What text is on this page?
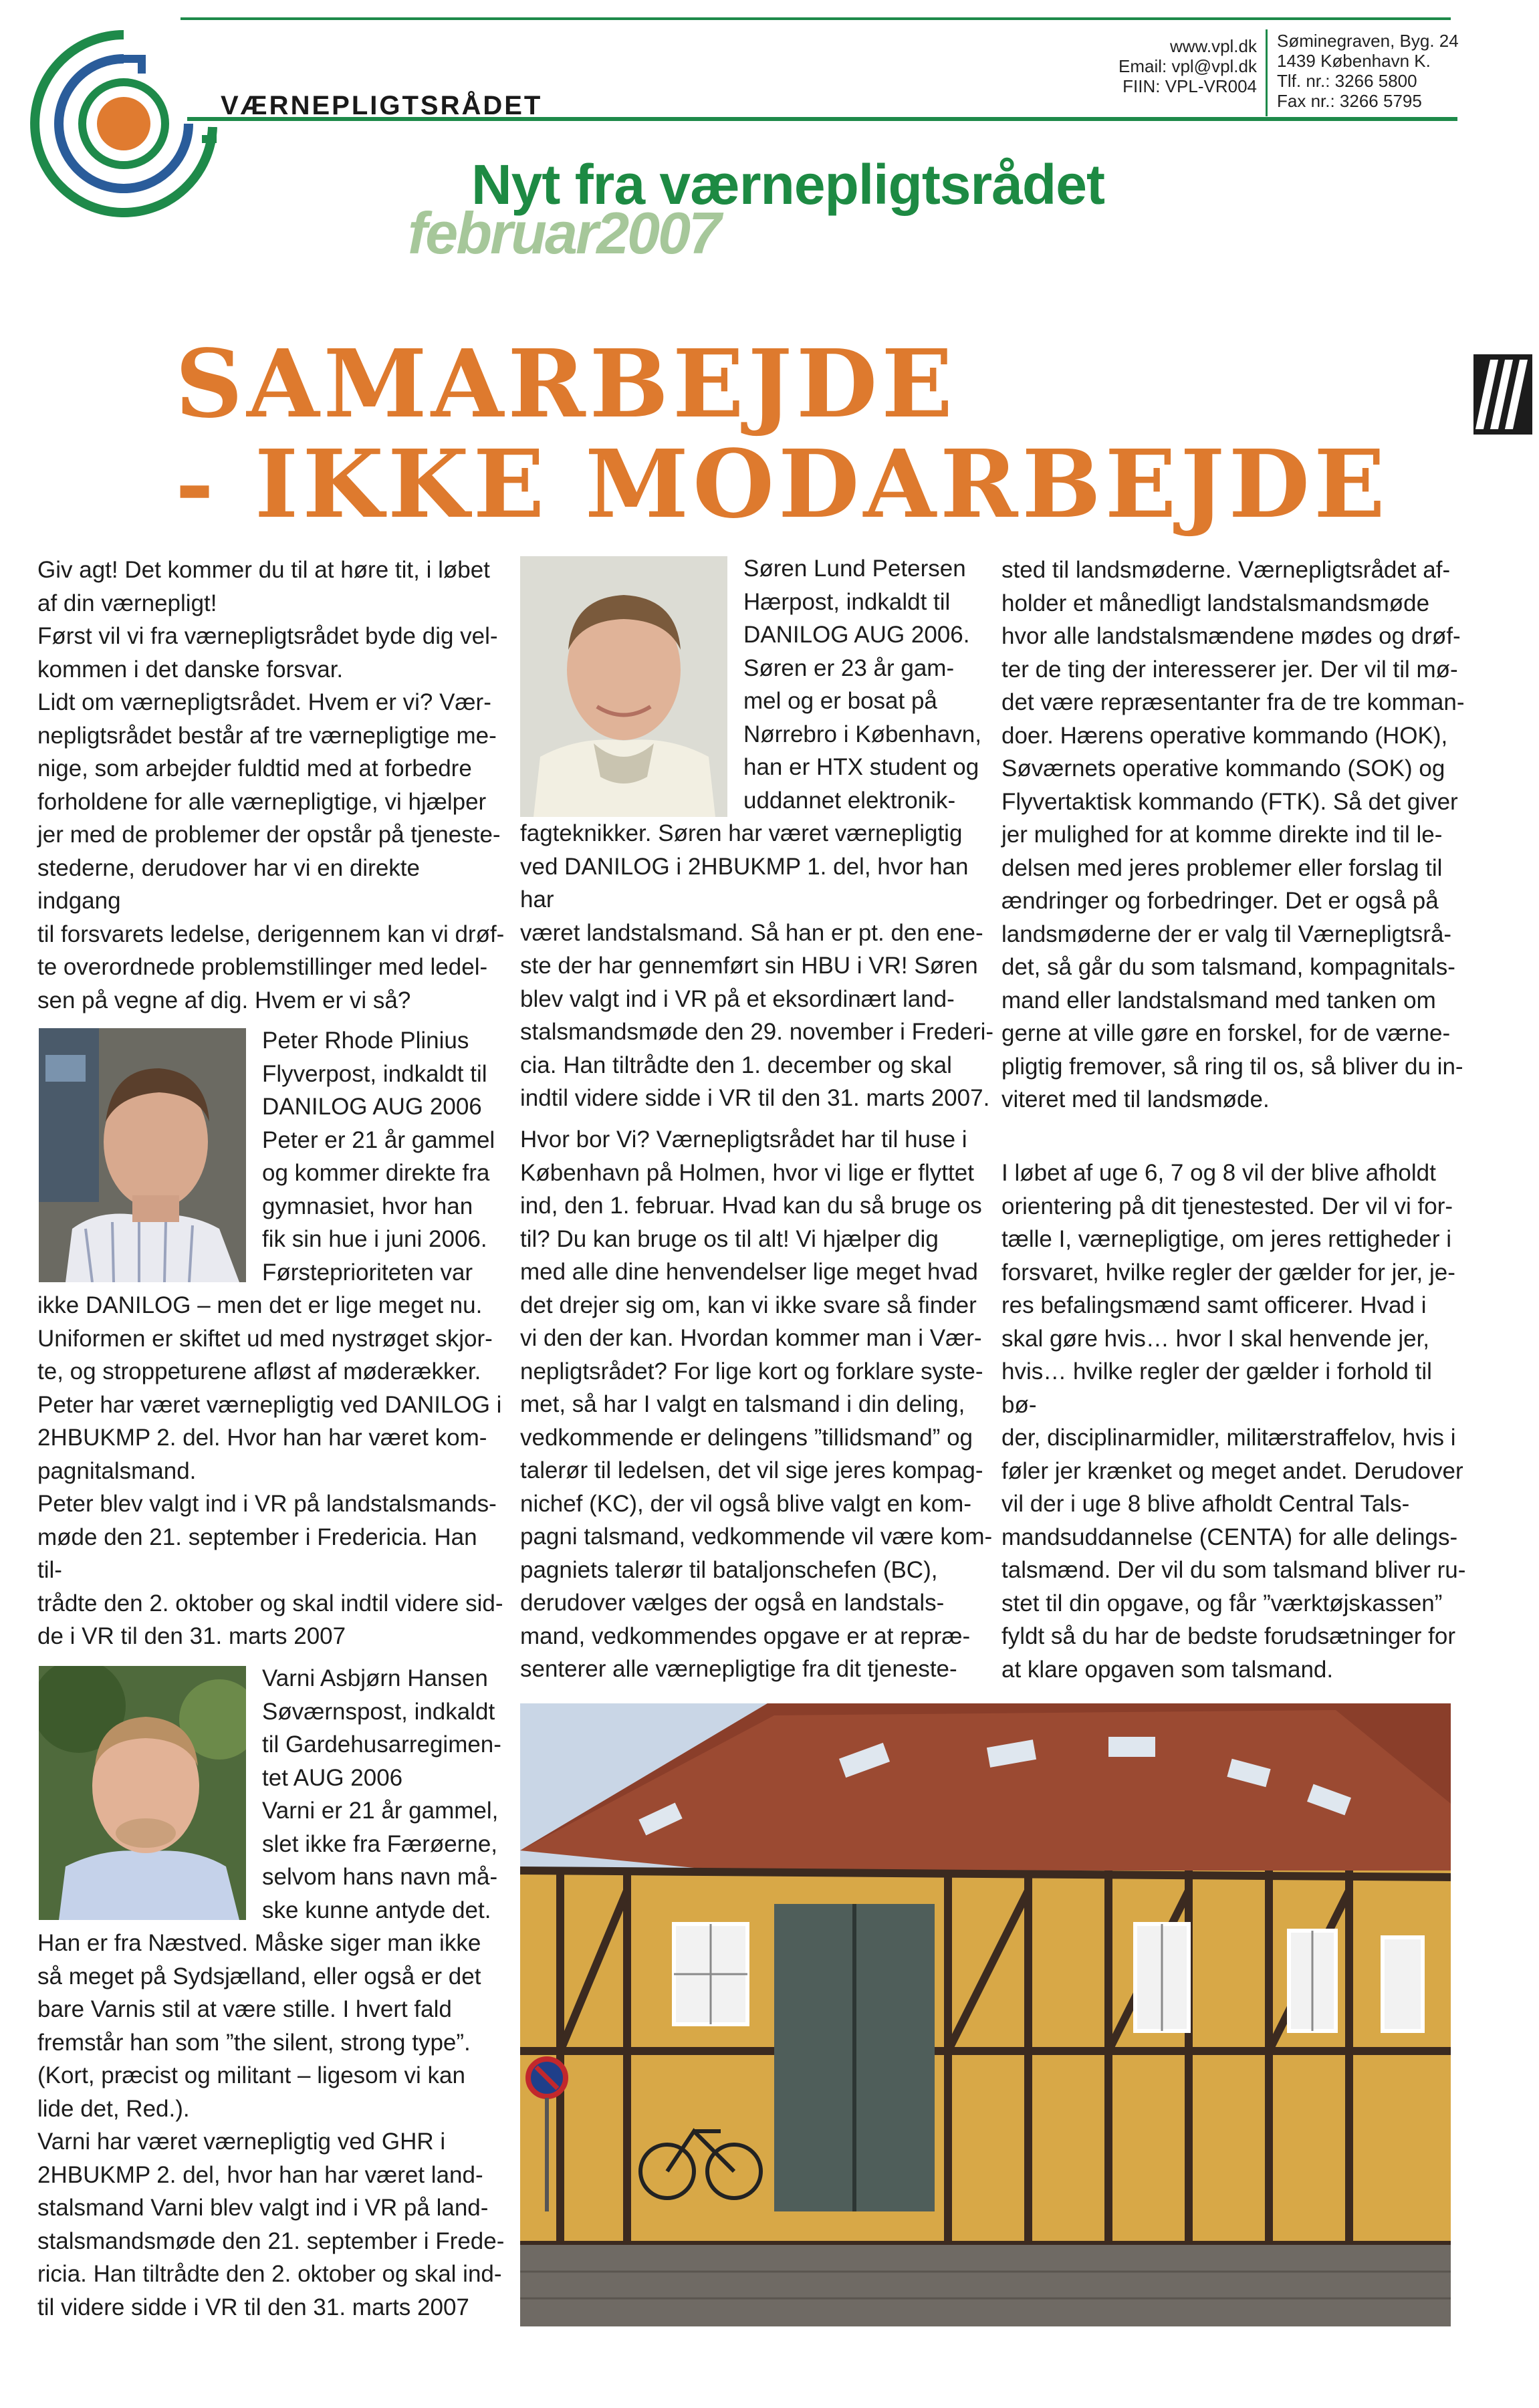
VÆRNEPLIGTSRÅDET
www.vpl.dk
Email: vpl@vpl.dk
FIIN: VPL-VR004
Søminegraven, Byg. 24
1439 København K.
Tlf. nr.: 3266 5800
Fax nr.: 3266 5795
februar2007
Nyt fra værnepligtsrådet
SAMARBEJDE
- IKKE MODARBEJDE

Giv agt! Det kommer du til at høre tit, i løbet

af din værnepligt!

Først vil vi fra værnepligtsrådet byde dig vel-

kommen i det danske forsvar.

Lidt om værnepligtsrådet. Hvem er vi? Vær-

nepligtsrådet består af tre værnepligtige me-

nige, som arbejder fuldtid med at forbedre

forholdene for alle værnepligtige, vi hjælper

jer med de problemer der opstår på tjeneste-

stederne, derudover har vi en direkte indgang

til forsvarets ledelse, derigennem kan vi drøf-

te overordnede problemstillinger med ledel-

sen på vegne af dig. Hvem er vi så?

Peter Rhode Plinius

Flyverpost, indkaldt til

DANILOG AUG 2006

Peter er 21 år gammel

og kommer direkte fra

gymnasiet, hvor han

fik sin hue i juni 2006.

Førsteprioriteten var

ikke DANILOG – men det er lige meget nu.

Uniformen er skiftet ud med nystrøget skjor-

te, og stroppeturene afløst af møderækker.

Peter har været værnepligtig ved DANILOG i

2HBUKMP 2. del. Hvor han har været kom-

pagnitalsmand.

Peter blev valgt ind i VR på landstalsmands-

møde den 21. september i Fredericia. Han til-

trådte den 2. oktober og skal indtil videre sid-

de i VR til den 31. marts 2007

Varni Asbjørn Hansen

Søværnspost, indkaldt

til Gardehusarregimen-

tet AUG 2006

Varni er 21 år gammel,

slet ikke fra Færøerne,

selvom hans navn må-

ske kunne antyde det.

Han er fra Næstved. Måske siger man ikke

så meget på Sydsjælland, eller også er det

bare Varnis stil at være stille. I hvert fald

fremstår han som ”the silent, strong type”.

(Kort, præcist og militant – ligesom vi kan

lide det, Red.).

Varni har været værnepligtig ved GHR i

2HBUKMP 2. del, hvor han har været land-

stalsmand Varni blev valgt ind i VR på land-

stalsmandsmøde den 21. september i Frede-

ricia. Han tiltrådte den 2. oktober og skal ind-

til videre sidde i VR til den 31. marts 2007

Søren Lund Petersen

Hærpost, indkaldt til

DANILOG AUG 2006.

Søren er 23 år gam-

mel og er bosat på

Nørrebro i København,

han er HTX student og

uddannet elektronik-

fagteknikker. Søren har været værnepligtig

ved DANILOG i 2HBUKMP 1. del, hvor han har

været landstalsmand. Så han er pt. den ene-

ste der har gennemført sin HBU i VR! Søren

blev valgt ind i VR på et eksordinært land-

stalsmandsmøde den 29. november i Frederi-

cia. Han tiltrådte den 1. december og skal

indtil videre sidde i VR til den 31. marts 2007.

Hvor bor Vi? Værnepligtsrådet har til huse i

København på Holmen, hvor vi lige er flyttet

ind, den 1. februar. Hvad kan du så bruge os

til? Du kan bruge os til alt! Vi hjælper dig

med alle dine henvendelser lige meget hvad

det drejer sig om, kan vi ikke svare så finder

vi den der kan. Hvordan kommer man i Vær-

nepligtsrådet? For lige kort og forklare syste-

met, så har I valgt en talsmand i din deling,

vedkommende er delingens ”tillidsmand” og

talerør til ledelsen, det vil sige jeres kompag-

nichef (KC), der vil også blive valgt en kom-

pagni talsmand, vedkommende vil være kom-

pagniets talerør til bataljonschefen (BC),

derudover vælges der også en landstals-

mand, vedkommendes opgave er at repræ-

senterer alle værnepligtige fra dit tjeneste-

sted til landsmøderne. Værnepligtsrådet af-

holder et månedligt landstalsmandsmøde

hvor alle landstalsmændene mødes og drøf-

ter de ting der interesserer jer. Der vil til mø-

det være repræsentanter fra de tre komman-

doer. Hærens operative kommando (HOK),

Søværnets operative kommando (SOK) og

Flyvertaktisk kommando (FTK). Så det giver

jer mulighed for at komme direkte ind til le-

delsen med jeres problemer eller forslag til

ændringer og forbedringer. Det er også på

landsmøderne der er valg til Værnepligtsrå-

det, så går du som talsmand, kompagnitals-

mand eller landstalsmand med tanken om

gerne at ville gøre en forskel, for de værne-

pligtig fremover, så ring til os, så bliver du in-

viteret med til landsmøde.

I løbet af uge 6, 7 og 8 vil der blive afholdt

orientering på dit tjenestested. Der vil vi for-

tælle I, værnepligtige, om jeres rettigheder i

forsvaret, hvilke regler der gælder for jer, je-

res befalingsmænd samt officerer. Hvad i

skal gøre hvis… hvor I skal henvende jer,

hvis… hvilke regler der gælder i forhold til bø-

der, disciplinarmidler, militærstraffelov, hvis i

føler jer krænket og meget andet. Derudover

vil der i uge 8 blive afholdt Central Tals-

mandsuddannelse (CENTA) for alle delings-

talsmænd. Der vil du som talsmand bliver ru-

stet til din opgave, og får ”værktøjskassen”

fyldt så du har de bedste forudsætninger for

at klare opgaven som talsmand.
